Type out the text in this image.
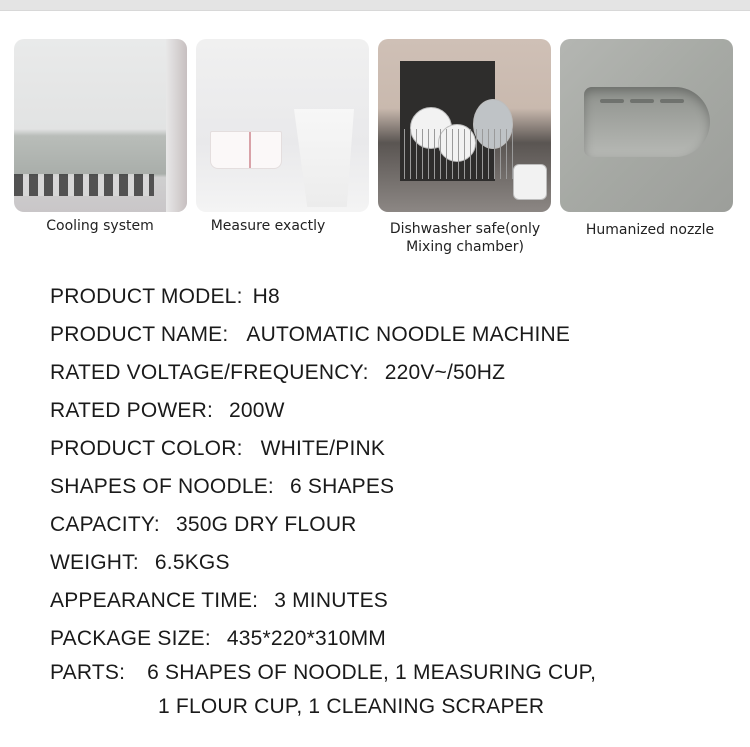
Cooling system	Measure exactly	Dishwasher safe(only
Mixing chamber)
Humanized nozzle
PRODUCT MODEL: H8
PRODUCT NAME: AUTOMATIC NOODLE MACHINE
RATED VOLTAGE/FREQUENCY: 220V~/50HZ
RATED POWER: 200W
PRODUCT COLOR: WHITE/PINK
SHAPES OF NOODLE: 6 SHAPES
CAPACITY: 350G DRY FLOUR
WEIGHT: 6.5KGS
APPEARANCE TIME: 3 MINUTES
PACKAGE SIZE: 435*220*310MM
PARTS: 6 SHAPES OF NOODLE, 1 MEASURING CUP,
1 FLOUR CUP, 1 CLEANING SCRAPER
